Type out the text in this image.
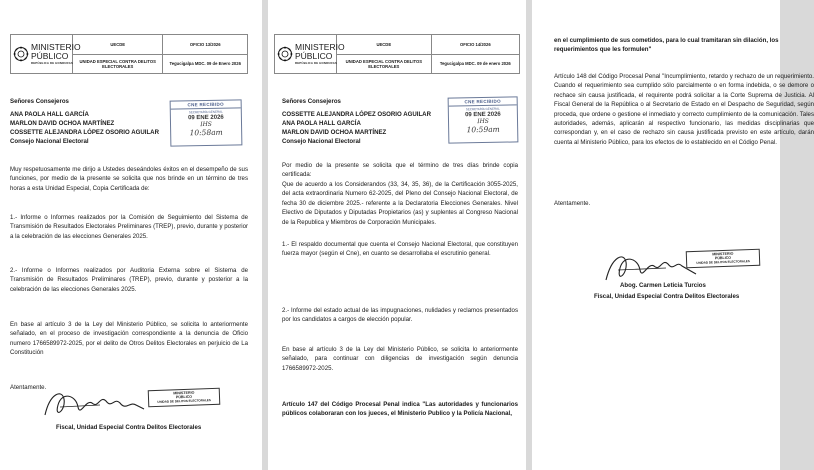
MINISTERIO
PÚBLICO
REPÚBLICA DE HONDURAS
UECDE	OFICIO 13/2026
UNIDAD ESPECIAL CONTRA DELITOS ELECTORALES
Tegucigalpa MDC. 09 de Enero 2026
Señores Consejeros
ANA PAOLA HALL GARCÍA
MARLON DAVID OCHOA MARTÍNEZ
COSSETTE ALEJANDRA LÓPEZ OSORIO AGUILAR
Consejo Nacional Electoral
CNE RECIBIDO
SECRETARÍA GENERAL
09 ENE 2026
IHS
10:58am
Muy respetuosamente me dirijo a Ustedes deseándoles éxitos en el desempeño de sus funciones, por medio de la presente se solicita que nos brinde en un término de tres horas a esta Unidad Especial, Copia Certificada de:
1.- Informe o Informes realizados por la Comisión de Seguimiento del Sistema de Transmisión de Resultados Electorales Preliminares (TREP), previo, durante y posterior a la celebración de las elecciones Generales 2025.
2.- Informe o Informes realizados por Auditoria Externa sobre el Sistema de Transmisión de Resultados Preliminares (TREP), previo, durante y posterior a la celebración de las elecciones Generales 2025.
En base al artículo 3 de la Ley del Ministerio Público, se solicita lo anteriormente señalado, en el proceso de investigación correspondiente a la denuncia de Oficio numero 1766589972-2025, por el delito de Otros Delitos Electorales en perjuicio de La Constitución
Atentamente.
MINISTERIO
PÚBLICO
UNIDAD DE DELITOS ELECTORALES
Fiscal, Unidad Especial Contra Delitos Electorales
MINISTERIO
PÚBLICO
REPÚBLICA DE HONDURAS
UECDE	OFICIO 14/2026
UNIDAD ESPECIAL CONTRA DELITOS ELECTORALES
Tegucigalpa MDC. 09 de enero 2026
Señores Consejeros
COSSETTE ALEJANDRA LÓPEZ OSORIO AGUILAR
ANA PAOLA HALL GARCÍA
MARLON DAVID OCHOA MARTÍNEZ
Consejo Nacional Electoral
CNE RECIBIDO
SECRETARÍA GENERAL
09 ENE 2026
IHS
10:59am
Por medio de la presente se solicita que el término de tres días brinde copia certificada:
Que de acuerdo a los Considerandos (33, 34, 35, 36), de la Certificación 3055-2025, del acta extraordinaria Numero 62-2025, del Pleno del Consejo Nacional Electoral, de fecha 30 de diciembre 2025.- referente a la Declaratoria Elecciones Generales. Nivel Electivo de Diputados y Diputadas Propietarios (as) y suplentes al Congreso Nacional de la Republica y Miembros de Corporación Municipales.
1.- El respaldo documental que cuenta el Consejo Nacional Electoral, que constituyen fuerza mayor (según el Cne), en cuanto se desarrollaba el escrutinio general.
2.- Informe del estado actual de las impugnaciones, nulidades y reclamos presentados por los candidatos a cargos de elección popular.
En base al artículo 3 de la Ley del Ministerio Público, se solicita lo anteriormente señalado, para continuar con diligencias de investigación según denuncia 1766589972-2025.
Artículo 147 del Código Procesal Penal indica "Las autoridades y funcionarios públicos colaboraran con los jueces, el Ministerio Publico y la Policía Nacional,
en el cumplimiento de sus cometidos, para lo cual tramitaran sin dilación, los requerimientos que les formulen"
Artículo 148 del Código Procesal Penal "Incumplimiento, retardo y rechazo de un requerimiento. Cuando el requerimiento sea cumplido sólo parcialmente o en forma indebida, o se demore o rechace sin causa justificada, el requirente podrá solicitar a la Corte Suprema de Justicia. Al Fiscal General de la República o al Secretario de Estado en el Despacho de Seguridad, según proceda, que ordene o gestione el inmediato y correcto cumplimiento de la comunicación. Tales autoridades, además, aplicarán al respectivo funcionario, las medidas disciplinarias que correspondan y, en el caso de rechazo sin causa justificada previsto en este artículo, darán cuenta al Ministerio Público, para los efectos de lo establecido en el Código Penal.
Atentamente.
MINISTERIO
PÚBLICO
UNIDAD DE DELITOS ELECTORALES
Abog. Carmen Leticia Turcios
Fiscal, Unidad Especial Contra Delitos Electorales
